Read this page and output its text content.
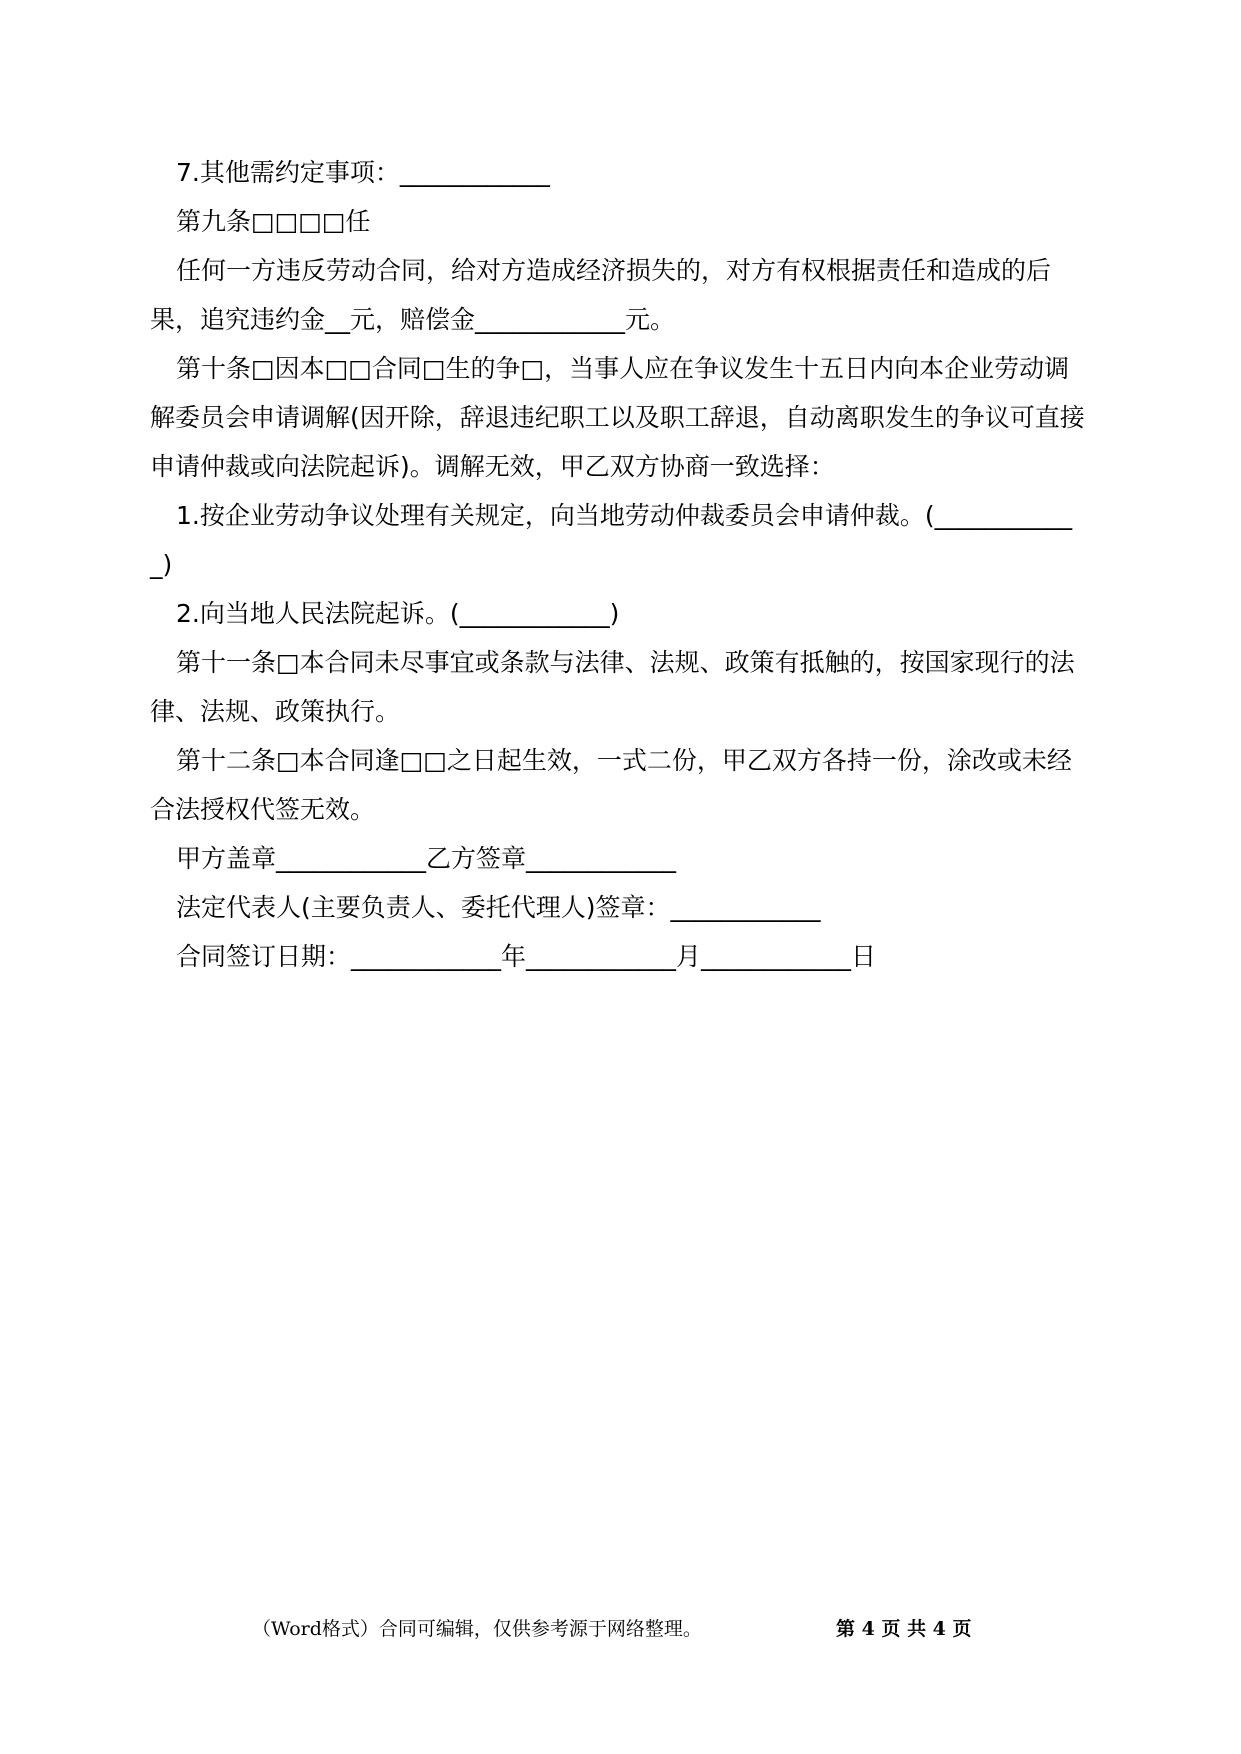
7.其他需约定事项：____________

第九条□□□□任

任何一方违反劳动合同，给对方造成经济损失的，对方有权根据责任和造成的后果，追究违约金__元，赔偿金____________元。

第十条□因本□□合同□生的争□，当事人应在争议发生十五日内向本企业劳动调解委员会申请调解(因开除，辞退违纪职工以及职工辞退，自动离职发生的争议可直接申请仲裁或向法院起诉)。调解无效，甲乙双方协商一致选择：

1.按企业劳动争议处理有关规定，向当地劳动仲裁委员会申请仲裁。(____________)

2.向当地人民法院起诉。(____________)

第十一条□本合同未尽事宜或条款与法律、法规、政策有抵触的，按国家现行的法律、法规、政策执行。

第十二条□本合同逢□□之日起生效，一式二份，甲乙双方各持一份，涂改或未经合法授权代签无效。

甲方盖章____________乙方签章____________

法定代表人(主要负责人、委托代理人)签章：____________

合同签订日期：____________年____________月____________日

（Word格式）合同可编辑，仅供参考源于网络整理。	第 4 页 共 4 页
